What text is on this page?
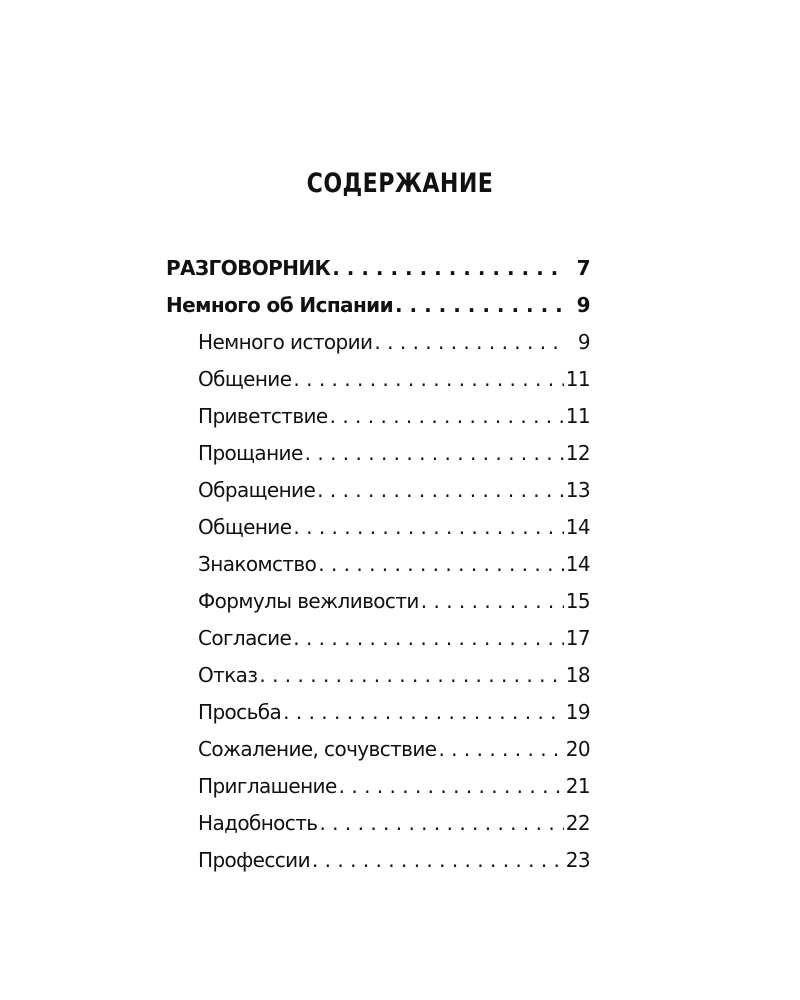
СОДЕРЖАНИЕ
РАЗГОВОРНИК . . .	7
Немного об Испании . . .	9
Немного истории . . .	9
Общение . . .	11
Приветствие . . .	11
Прощание . . .	12
Обращение . . .	13
Общение . . .	14
Знакомство . . .	14
Формулы вежливости . . .	15
Согласие . . .	17
Отказ . . .	18
Просьба . . .	19
Сожаление, сочувствие . . .	20
Приглашение . . .	21
Надобность . . .	22
Профессии . . .	23
